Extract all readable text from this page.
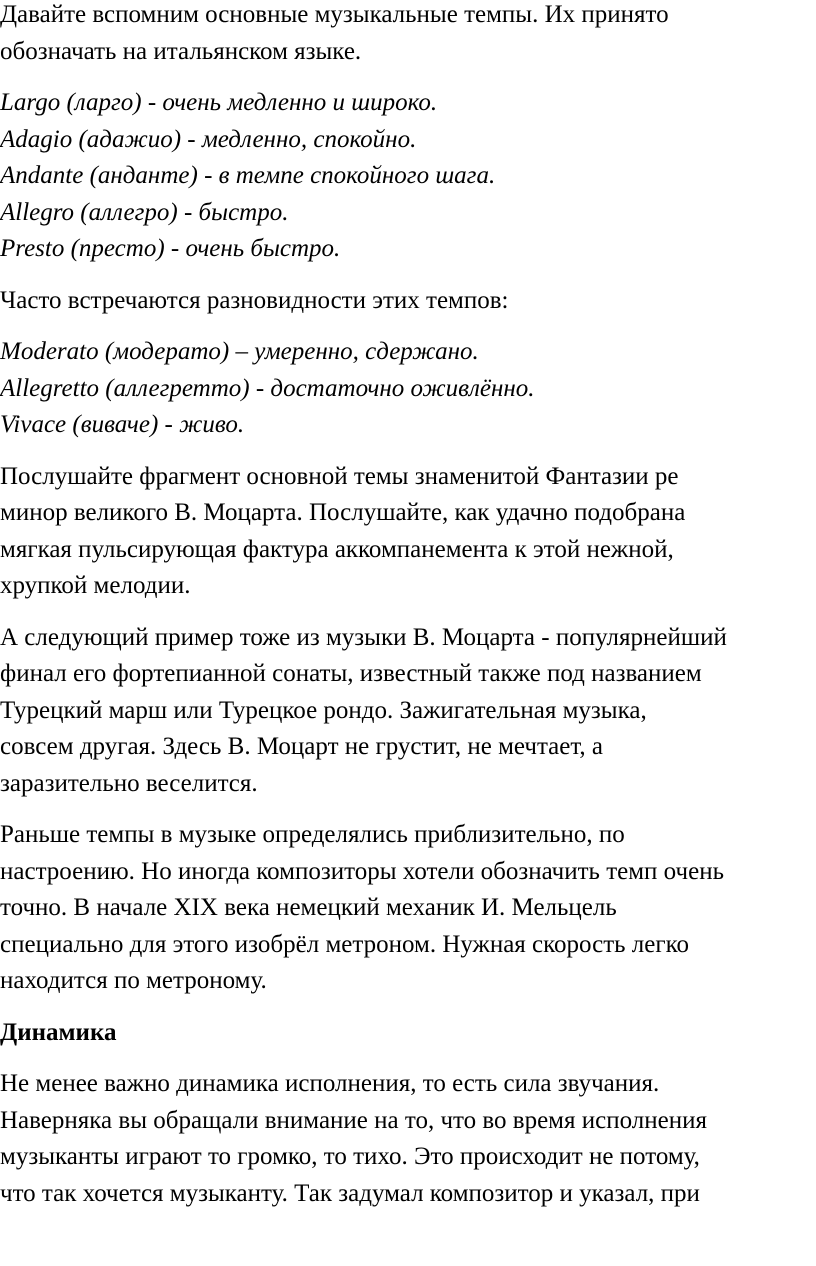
Давайте вспомним основные музыкальные темпы. Их принято
обозначать на итальянском языке.

Largo (ларго) - очень медленно и широко.
Adagio (адажио) - медленно, спокойно.
Andante (анданте) - в темпе спокойного шага.
Allegro (аллегро) - быстро.
Presto (престо) - очень быстро.

Часто встречаются разновидности этих темпов:

Moderato (модерато) – умеренно, сдержано.
Allegretto (аллегретто) - достаточно оживлённо.
Vivace (виваче) - живо.

Послушайте фрагмент основной темы знаменитой Фантазии ре
минор великого В. Моцарта. Послушайте, как удачно подобрана
мягкая пульсирующая фактура аккомпанемента к этой нежной,
хрупкой мелодии.

А следующий пример тоже из музыки В. Моцарта - популярнейший
финал его фортепианной сонаты, известный также под названием
Турецкий марш или Турецкое рондо. Зажигательная музыка,
совсем другая. Здесь В. Моцарт не грустит, не мечтает, а
заразительно веселится.

Раньше темпы в музыке определялись приблизительно, по
настроению. Но иногда композиторы хотели обозначить темп очень
точно. В начале XIX века немецкий механик И. Мельцель
специально для этого изобрёл метроном. Нужная скорость легко
находится по метроному.

Динамика

Не менее важно динамика исполнения, то есть сила звучания.
Наверняка вы обращали внимание на то, что во время исполнения
музыканты играют то громко, то тихо. Это происходит не потому,
что так хочется музыканту. Так задумал композитор и указал, при
